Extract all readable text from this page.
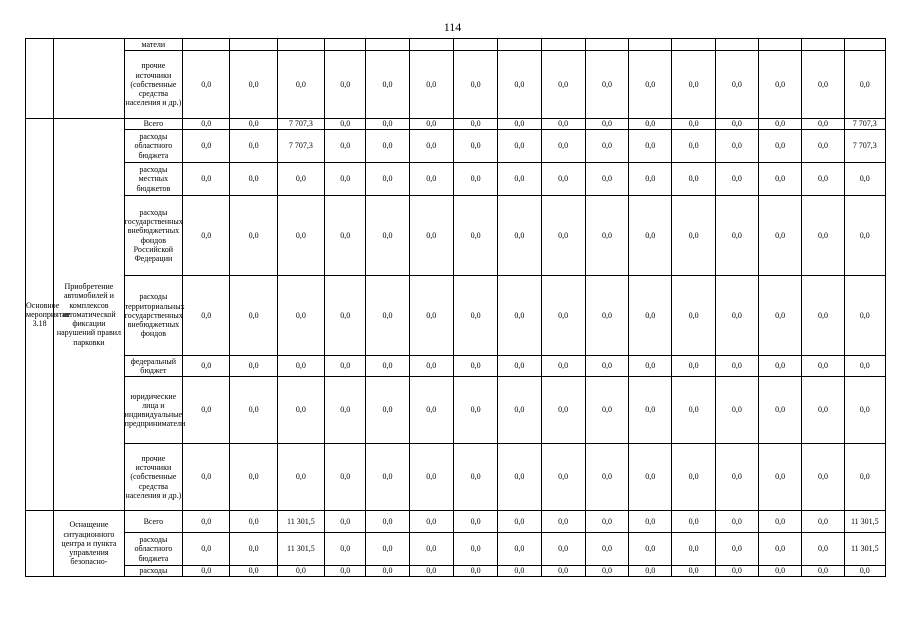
114
		матели																
		прочие источники (собственные средства населения и др.)	0,0	0,0	0,0	0,0	0,0	0,0	0,0	0,0	0,0	0,0	0,0	0,0	0,0	0,0	0,0	0,0
Основное мероприятие 3.18	Приобретение автомобилей и комплексов автоматической фиксации нарушений правил парковки	Всего	0,0	0,0	7 707,3	0,0	0,0	0,0	0,0	0,0	0,0	0,0	0,0	0,0	0,0	0,0	0,0	7 707,3
		расходы областного бюджета	0,0	0,0	7 707,3	0,0	0,0	0,0	0,0	0,0	0,0	0,0	0,0	0,0	0,0	0,0	0,0	7 707,3
		расходы местных бюджетов	0,0	0,0	0,0	0,0	0,0	0,0	0,0	0,0	0,0	0,0	0,0	0,0	0,0	0,0	0,0	0,0
		расходы государственных внебюджетных фондов Российской Федерации	0,0	0,0	0,0	0,0	0,0	0,0	0,0	0,0	0,0	0,0	0,0	0,0	0,0	0,0	0,0	0,0
		расходы территориальных государственных внебюджетных фондов	0,0	0,0	0,0	0,0	0,0	0,0	0,0	0,0	0,0	0,0	0,0	0,0	0,0	0,0	0,0	0,0
		федеральный бюджет	0,0	0,0	0,0	0,0	0,0	0,0	0,0	0,0	0,0	0,0	0,0	0,0	0,0	0,0	0,0	0,0
		юридические лица и индивидуальные предприниматели	0,0	0,0	0,0	0,0	0,0	0,0	0,0	0,0	0,0	0,0	0,0	0,0	0,0	0,0	0,0	0,0
		прочие источники (собственные средства населения и др.)	0,0	0,0	0,0	0,0	0,0	0,0	0,0	0,0	0,0	0,0	0,0	0,0	0,0	0,0	0,0	0,0
	Оснащение ситуационного центра и пункта управления безопасно-	Всего	0,0	0,0	11 301,5	0,0	0,0	0,0	0,0	0,0	0,0	0,0	0,0	0,0	0,0	0,0	0,0	11 301,5
		расходы областного бюджета	0,0	0,0	11 301,5	0,0	0,0	0,0	0,0	0,0	0,0	0,0	0,0	0,0	0,0	0,0	0,0	11 301,5
		расходы	0,0	0,0	0,0	0,0	0,0	0,0	0,0	0,0	0,0	0,0	0,0	0,0	0,0	0,0	0,0	0,0
